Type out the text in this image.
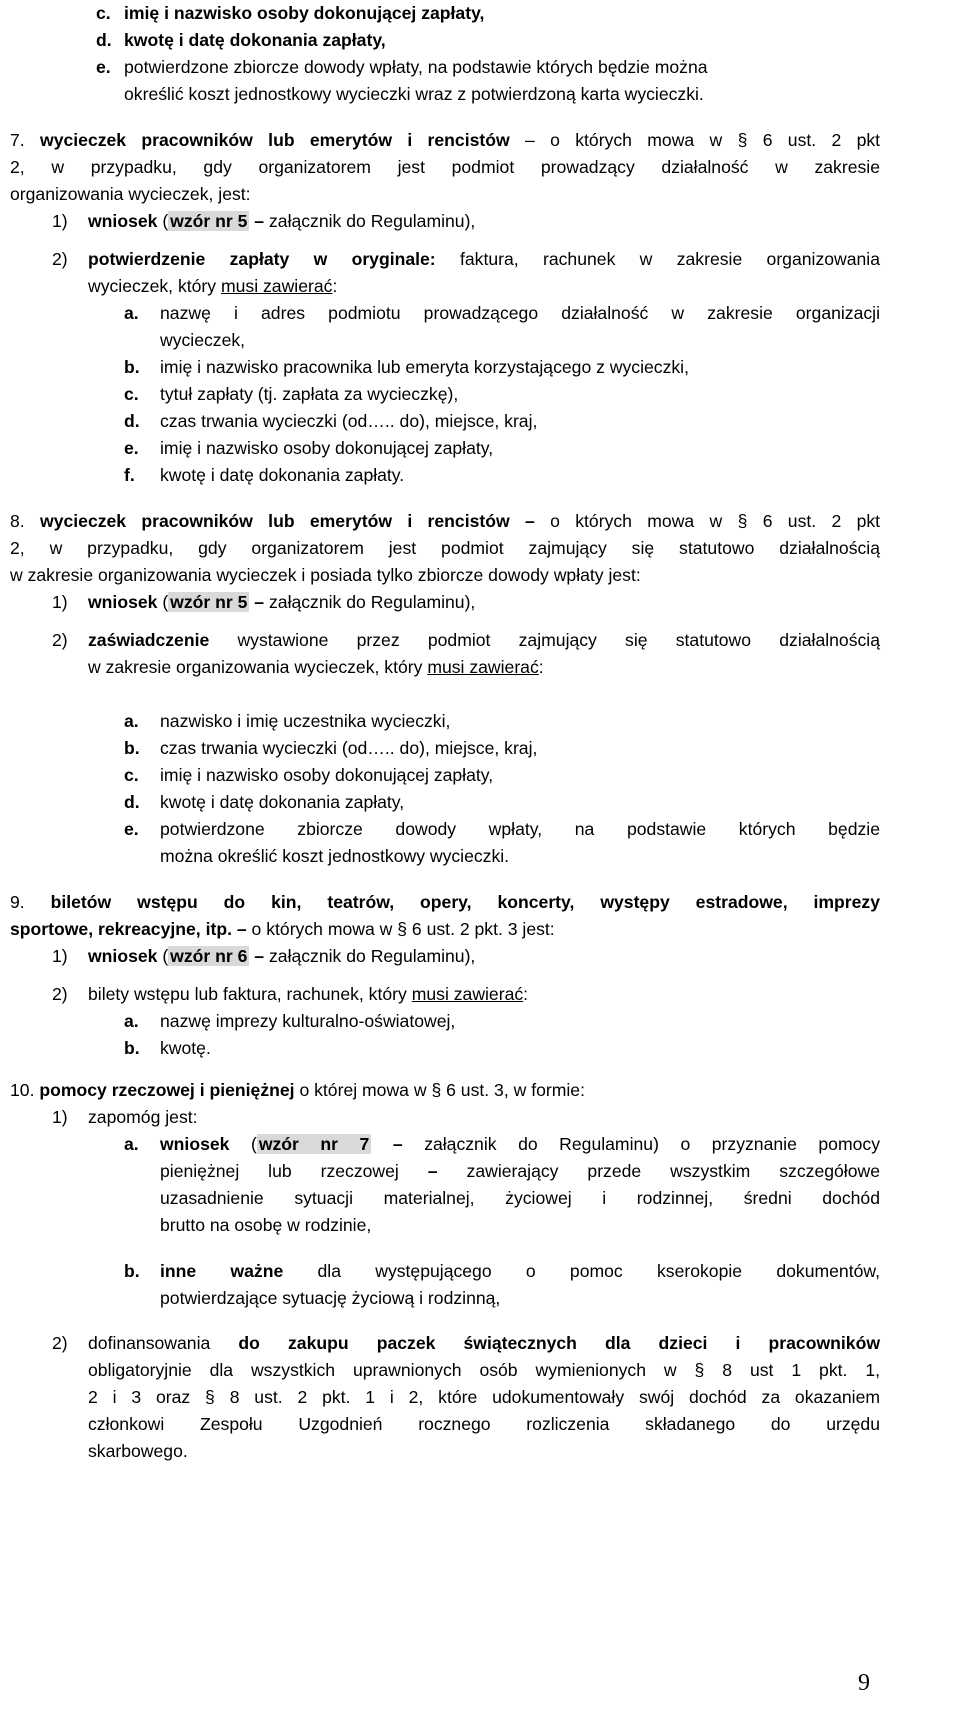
c. imię i nazwisko osoby dokonującej zapłaty,
d. kwotę i datę dokonania zapłaty,
e. potwierdzone zbiorcze dowody wpłaty, na podstawie których będzie można
określić koszt jednostkowy wycieczki wraz z potwierdzoną karta wycieczki.
7. wycieczek pracowników lub emerytów i rencistów – o których mowa w § 6 ust. 2 pkt
2, w przypadku, gdy organizatorem jest podmiot prowadzący działalność w zakresie
organizowania wycieczek, jest:
1) wniosek ( wzór nr 5 – załącznik do Regulaminu),
2) potwierdzenie zapłaty w oryginale: faktura, rachunek w zakresie organizowania
wycieczek, który musi zawierać:
a. nazwę i adres podmiotu prowadzącego działalność w zakresie organizacji
wycieczek,
b. imię i nazwisko pracownika lub emeryta korzystającego z wycieczki,
c. tytuł zapłaty (tj. zapłata za wycieczkę),
d. czas trwania wycieczki (od….. do), miejsce, kraj,
e. imię i nazwisko osoby dokonującej zapłaty,
f. kwotę i datę dokonania zapłaty.
8. wycieczek pracowników lub emerytów i rencistów – o których mowa w § 6 ust. 2 pkt
2, w przypadku, gdy organizatorem jest podmiot zajmujący się statutowo działalnością
w zakresie organizowania wycieczek i posiada tylko zbiorcze dowody wpłaty jest:
1) wniosek ( wzór nr 5 – załącznik do Regulaminu),
2) zaświadczenie wystawione przez podmiot zajmujący się statutowo działalnością
w zakresie organizowania wycieczek, który musi zawierać:
a. nazwisko i imię uczestnika wycieczki,
b. czas trwania wycieczki (od….. do), miejsce, kraj,
c. imię i nazwisko osoby dokonującej zapłaty,
d. kwotę i datę dokonania zapłaty,
e. potwierdzone zbiorcze dowody wpłaty, na podstawie których będzie
można określić koszt jednostkowy wycieczki.
9. biletów wstępu do kin, teatrów, opery, koncerty, występy estradowe, imprezy
sportowe, rekreacyjne, itp. – o których mowa w § 6 ust. 2 pkt. 3 jest:
1) wniosek ( wzór nr 6 – załącznik do Regulaminu),
2) bilety wstępu lub faktura, rachunek, który musi zawierać:
a. nazwę imprezy kulturalno-oświatowej,
b. kwotę.
10. pomocy rzeczowej i pieniężnej o której mowa w § 6 ust. 3, w formie:
1) zapomóg jest:
a. wniosek ( wzór nr 7 – załącznik do Regulaminu) o przyznanie pomocy
pieniężnej lub rzeczowej – zawierający przede wszystkim szczegółowe
uzasadnienie sytuacji materialnej, życiowej i rodzinnej, średni dochód
brutto na osobę w rodzinie,
b. inne ważne dla występującego o pomoc kserokopie dokumentów,
potwierdzające sytuację życiową i rodzinną,
2) dofinansowania do zakupu paczek świątecznych dla dzieci i pracowników
obligatoryjnie dla wszystkich uprawnionych osób wymienionych w § 8 ust 1 pkt. 1,
2 i 3 oraz § 8 ust. 2 pkt. 1 i 2, które udokumentowały swój dochód za okazaniem
członkowi Zespołu Uzgodnień rocznego rozliczenia składanego do urzędu
skarbowego.
9
